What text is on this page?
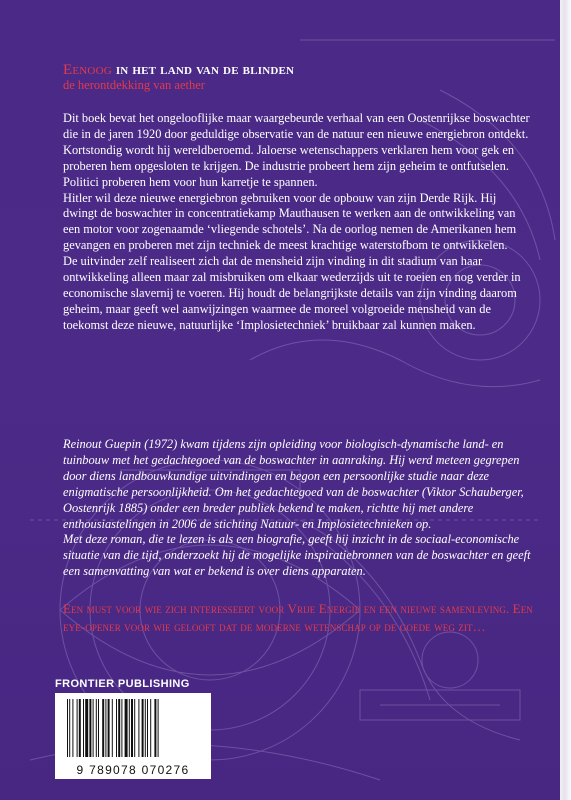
Eenoog in het land van de blinden
de herontdekking van aether

Dit boek bevat het ongelooflijke maar waargebeurde verhaal van een Oostenrijkse boswachter die in de jaren 1920 door geduldige observatie van de natuur een nieuwe energiebron ontdekt. Kortstondig wordt hij wereldberoemd. Jaloerse wetenschappers verklaren hem voor gek en proberen hem opgesloten te krijgen. De industrie probeert hem zijn geheim te ontfutselen. Politici proberen hem voor hun karretje te spannen.

Hitler wil deze nieuwe energiebron gebruiken voor de opbouw van zijn Derde Rijk. Hij dwingt de boswachter in concentratiekamp Mauthausen te werken aan de ontwikkeling van een motor voor zogenaamde ‘vliegende schotels’. Na de oorlog nemen de Amerikanen hem gevangen en proberen met zijn techniek de meest krachtige waterstofbom te ontwikkelen.

De uitvinder zelf realiseert zich dat de mensheid zijn vinding in dit stadium van haar ontwikkeling alleen maar zal misbruiken om elkaar wederzijds uit te roeien en nog verder in economische slavernij te voeren. Hij houdt de belangrijkste details van zijn vinding daarom geheim, maar geeft wel aanwijzingen waarmee de moreel volgroeide mensheid van de toekomst deze nieuwe, natuurlijke ‘Implosietechniek’ bruikbaar zal kunnen maken.

Reinout Guepin (1972) kwam tijdens zijn opleiding voor biologisch-dynamische land- en tuinbouw met het gedachtegoed van de boswachter in aanraking. Hij werd meteen gegrepen door diens landbouwkundige uitvindingen en begon een persoonlijke studie naar deze enigmatische persoonlijkheid. Om het gedachtegoed van de boswachter (Viktor Schauberger, Oostenrijk 1885) onder een breder publiek bekend te maken, richtte hij met andere enthousiastelingen in 2006 de stichting Natuur- en Implosietechnieken op.

Met deze roman, die te lezen is als een biografie, geeft hij inzicht in de sociaal-economische situatie van die tijd, onderzoekt hij de mogelijke inspiratiebronnen van de boswachter en geeft een samenvatting van wat er bekend is over diens apparaten.

Een must voor wie zich interesseert voor Vrije Energie en een nieuwe samenleving. Een eye-opener voor wie gelooft dat de moderne wetenschap op de goede weg zit…
FRONTIER PUBLISHING
9 789078 070276
